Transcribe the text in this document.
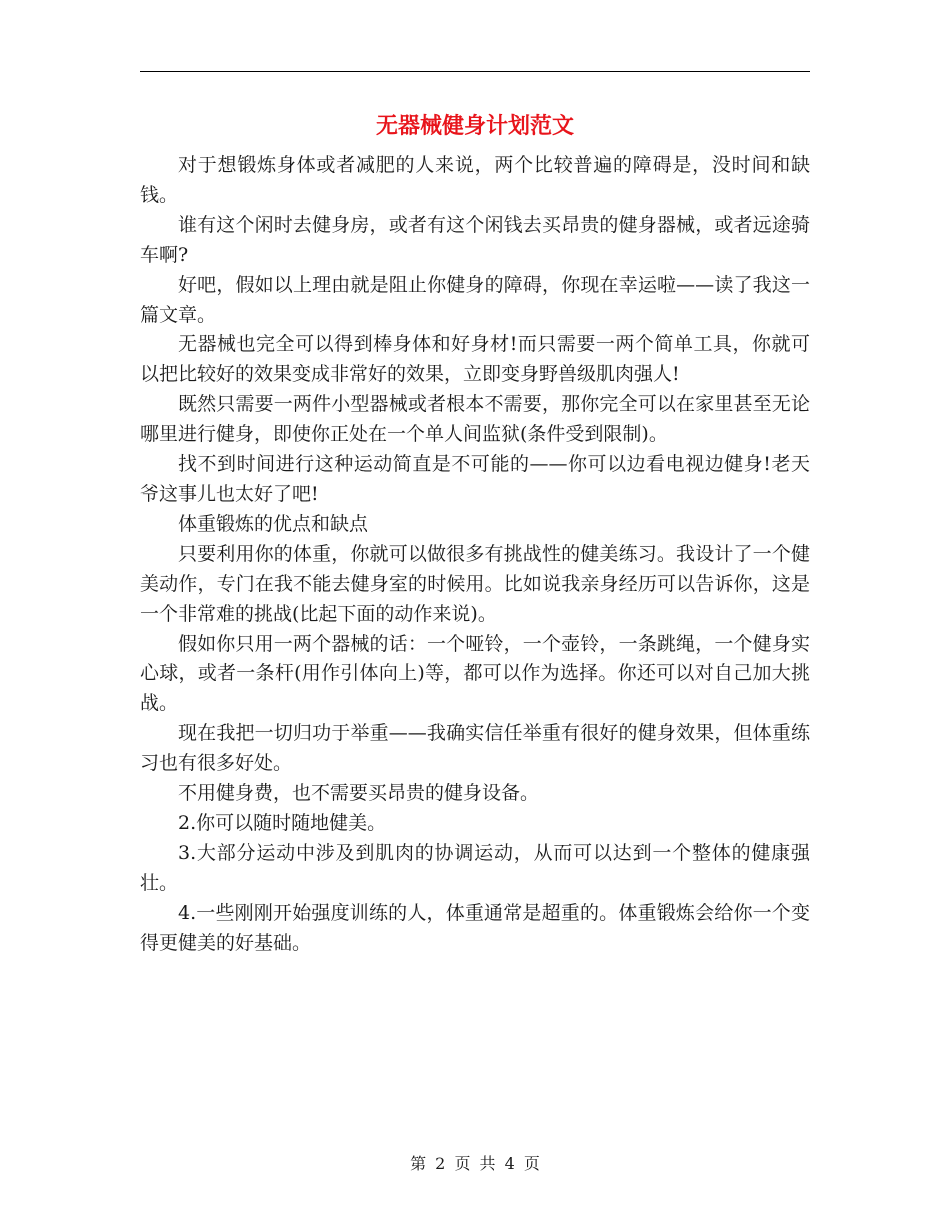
无器械健身计划范文

对于想锻炼身体或者减肥的人来说，两个比较普遍的障碍是，没时间和缺钱。

谁有这个闲时去健身房，或者有这个闲钱去买昂贵的健身器械，或者远途骑车啊?

好吧，假如以上理由就是阻止你健身的障碍，你现在幸运啦——读了我这一篇文章。

无器械也完全可以得到棒身体和好身材!而只需要一两个简单工具，你就可以把比较好的效果变成非常好的效果，立即变身野兽级肌肉强人!

既然只需要一两件小型器械或者根本不需要，那你完全可以在家里甚至无论哪里进行健身，即使你正处在一个单人间监狱(条件受到限制)。

找不到时间进行这种运动简直是不可能的——你可以边看电视边健身!老天爷这事儿也太好了吧!

体重锻炼的优点和缺点

只要利用你的体重，你就可以做很多有挑战性的健美练习。我设计了一个健美动作，专门在我不能去健身室的时候用。比如说我亲身经历可以告诉你，这是一个非常难的挑战(比起下面的动作来说)。

假如你只用一两个器械的话：一个哑铃，一个壶铃，一条跳绳，一个健身实心球，或者一条杆(用作引体向上)等，都可以作为选择。你还可以对自己加大挑战。

现在我把一切归功于举重——我确实信任举重有很好的健身效果，但体重练习也有很多好处。

不用健身费，也不需要买昂贵的健身设备。

2.你可以随时随地健美。

3.大部分运动中涉及到肌肉的协调运动，从而可以达到一个整体的健康强壮。

4.一些刚刚开始强度训练的人，体重通常是超重的。体重锻炼会给你一个变得更健美的好基础。

第 2 页 共 4 页
